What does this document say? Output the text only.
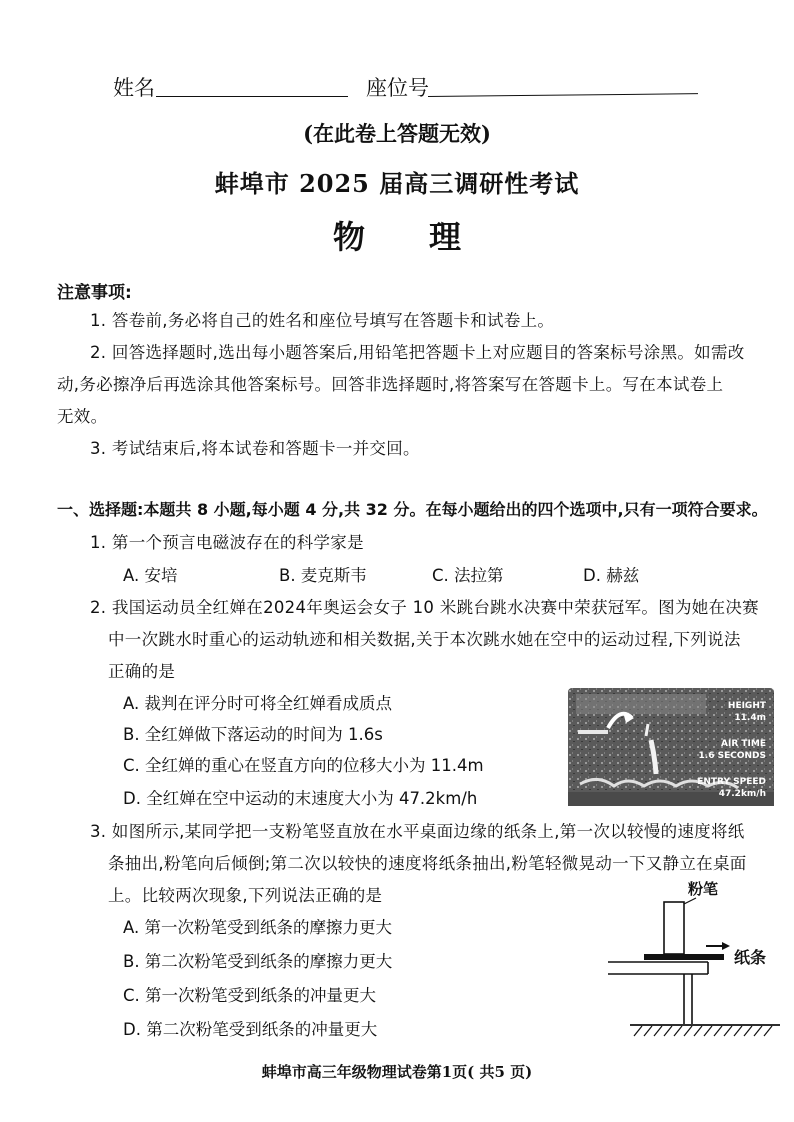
姓名	座位号
(在此卷上答题无效)
蚌埠市 2025 届高三调研性考试
物　　理
注意事项:
1. 答卷前,务必将自己的姓名和座位号填写在答题卡和试卷上。
2. 回答选择题时,选出每小题答案后,用铅笔把答题卡上对应题目的答案标号涂黑。如需改
动,务必擦净后再选涂其他答案标号。回答非选择题时,将答案写在答题卡上。写在本试卷上
无效。
3. 考试结束后,将本试卷和答题卡一并交回。
一、选择题:本题共 8 小题,每小题 4 分,共 32 分。在每小题给出的四个选项中,只有一项符合要求。
1. 第一个预言电磁波存在的科学家是
A. 安培	B. 麦克斯韦	C. 法拉第	D. 赫兹
2. 我国运动员全红婵在2024年奥运会女子 10 米跳台跳水决赛中荣获冠军。图为她在决赛
中一次跳水时重心的运动轨迹和相关数据,关于本次跳水她在空中的运动过程,下列说法
正确的是
A. 裁判在评分时可将全红婵看成质点
B. 全红婵做下落运动的时间为 1.6s
C. 全红婵的重心在竖直方向的位移大小为 11.4m
D. 全红婵在空中运动的末速度大小为 47.2km/h
HEIGHT
11.4m
AIR TIME
1.6 SECONDS
ENTRY SPEED
47.2km/h
3. 如图所示,某同学把一支粉笔竖直放在水平桌面边缘的纸条上,第一次以较慢的速度将纸
条抽出,粉笔向后倾倒;第二次以较快的速度将纸条抽出,粉笔轻微晃动一下又静立在桌面
上。比较两次现象,下列说法正确的是
A. 第一次粉笔受到纸条的摩擦力更大
B. 第二次粉笔受到纸条的摩擦力更大
C. 第一次粉笔受到纸条的冲量更大
D. 第二次粉笔受到纸条的冲量更大
粉笔
纸条
蚌埠市高三年级物理试卷第1页( 共5 页)
